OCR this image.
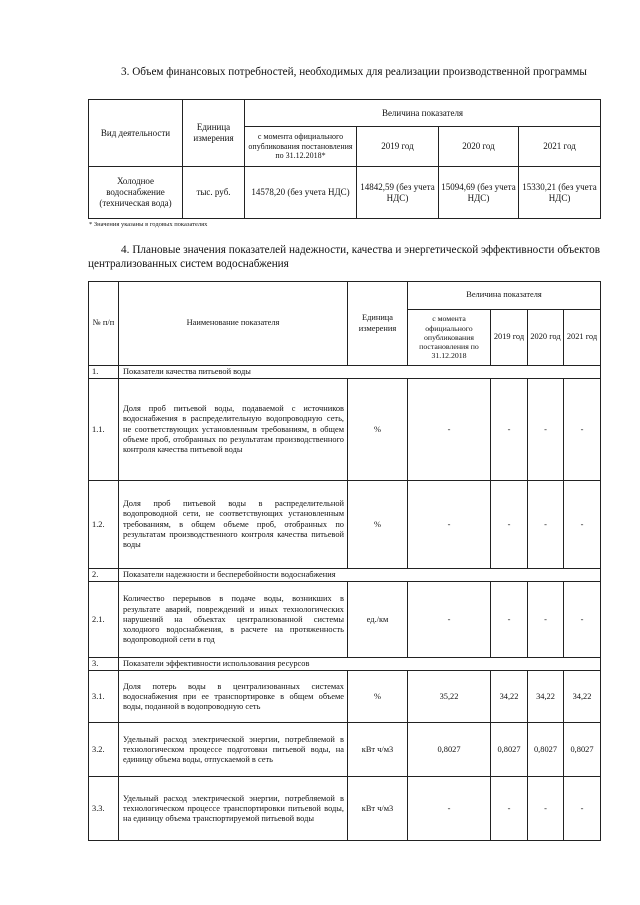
3. Объем финансовых потребностей, необходимых для реализации производственной программы
Вид деятельности	Единица измерения	Величина показателя			
		с момента официального опубликования постановления по 31.12.2018*	2019 год	2020 год	2021 год
Холодное водоснабжение (техническая вода)	тыс. руб.	14578,20 (без учета НДС)	14842,59 (без учета НДС)	15094,69 (без учета НДС)	15330,21 (без учета НДС)
* Значения указаны в годовых показателях
4. Плановые значения показателей надежности, качества и энергетической эффективности объектов централизованных систем водоснабжения
№ п/п	Наименование показателя	Единица измерения	Величина показателя			
			с момента официального опубликования постановления по 31.12.2018	2019 год	2020 год	2021 год
1.	Показатели качества питьевой воды					
1.1.	Доля проб питьевой воды, подаваемой с источников водоснабжения в распределительную водопроводную сеть, не соответствующих установленным требованиям, в общем объеме проб, отобранных по результатам производственного контроля качества питьевой воды	%	-	-	-	-
1.2.	Доля проб питьевой воды в распределительной водопроводной сети, не соответствующих установленным требованиям, в общем объеме проб, отобранных по результатам производственного контроля качества питьевой воды	%	-	-	-	-
2.	Показатели надежности и бесперебойности водоснабжения					
2.1.	Количество перерывов в подаче воды, возникших в результате аварий, повреждений и иных технологических нарушений на объектах централизованной системы холодного водоснабжения, в расчете на протяженность водопроводной сети в год	ед./км	-	-	-	-
3.	Показатели эффективности использования ресурсов					
3.1.	Доля потерь воды в централизованных системах водоснабжения при ее транспортировке в общем объеме воды, поданной в водопроводную сеть	%	35,22	34,22	34,22	34,22
3.2.	Удельный расход электрической энергии, потребляемой в технологическом процессе подготовки питьевой воды, на единицу объема воды, отпускаемой в сеть	кВт ч/м3	0,8027	0,8027	0,8027	0,8027
3.3.	Удельный расход электрической энергии, потребляемой в технологическом процессе транспортировки питьевой воды, на единицу объема транспортируемой питьевой воды	кВт ч/м3	-	-	-	-
